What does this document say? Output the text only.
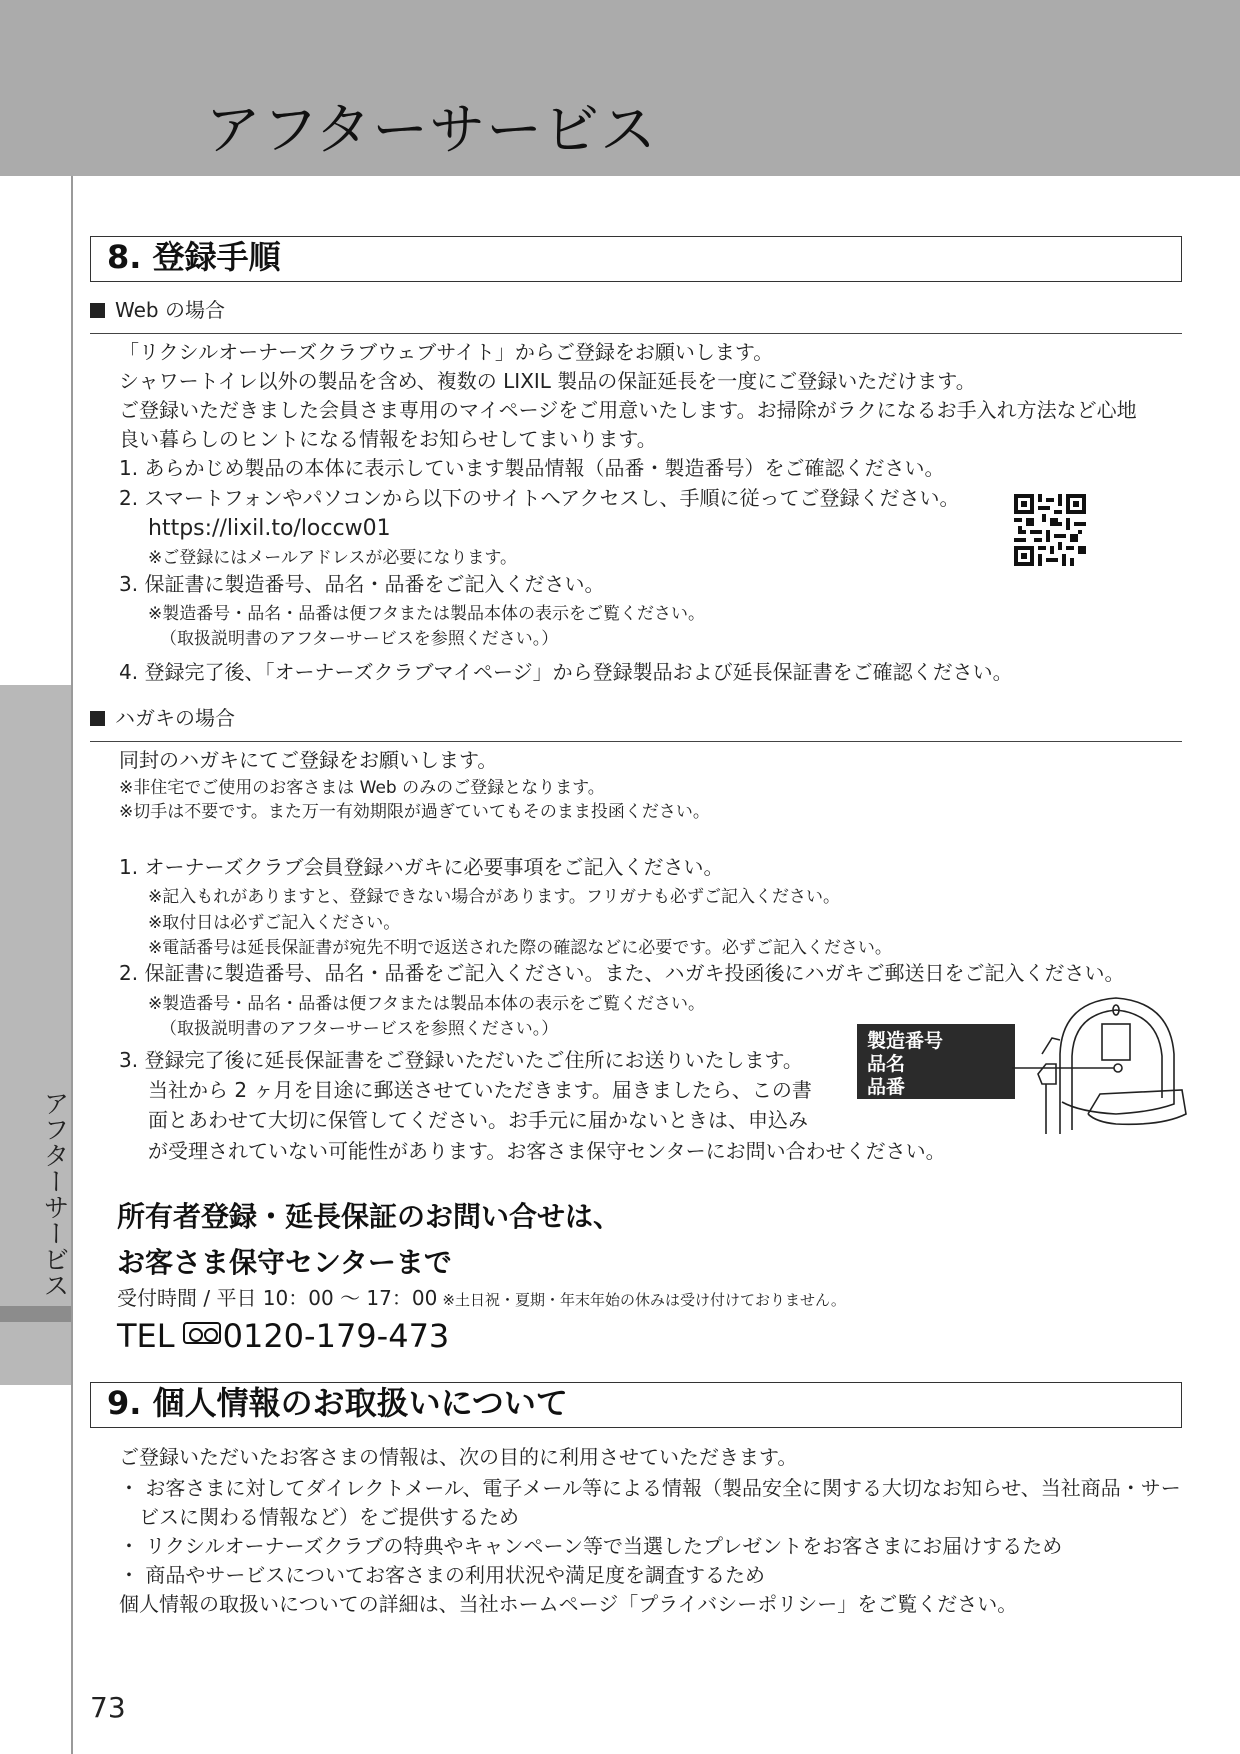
アフターサービス
アフターサービス
8. 登録手順
Web の場合
「リクシルオーナーズクラブウェブサイト」からご登録をお願いします。
シャワートイレ以外の製品を含め、複数の LIXIL 製品の保証延長を一度にご登録いただけます。
ご登録いただきました会員さま専用のマイページをご用意いたします。お掃除がラクになるお手入れ方法など心地
良い暮らしのヒントになる情報をお知らせしてまいります。
1. あらかじめ製品の本体に表示しています製品情報（品番・製造番号）をご確認ください。
2. スマートフォンやパソコンから以下のサイトへアクセスし、手順に従ってご登録ください。
https://lixil.to/loccw01
※ご登録にはメールアドレスが必要になります。
3. 保証書に製造番号、品名・品番をご記入ください。
※製造番号・品名・品番は便フタまたは製品本体の表示をご覧ください。
（取扱説明書のアフターサービスを参照ください。）
4. 登録完了後、「オーナーズクラブマイページ」から登録製品および延長保証書をご確認ください。
ハガキの場合
同封のハガキにてご登録をお願いします。
※非住宅でご使用のお客さまは Web のみのご登録となります。
※切手は不要です。また万一有効期限が過ぎていてもそのまま投函ください。
1. オーナーズクラブ会員登録ハガキに必要事項をご記入ください。
※記入もれがありますと、登録できない場合があります。フリガナも必ずご記入ください。
※取付日は必ずご記入ください。
※電話番号は延長保証書が宛先不明で返送された際の確認などに必要です。必ずご記入ください。
2. 保証書に製造番号、品名・品番をご記入ください。また、ハガキ投函後にハガキご郵送日をご記入ください。
※製造番号・品名・品番は便フタまたは製品本体の表示をご覧ください。
（取扱説明書のアフターサービスを参照ください。）
3. 登録完了後に延長保証書をご登録いただいたご住所にお送りいたします。
当社から 2 ヶ月を目途に郵送させていただきます。届きましたら、この書
面とあわせて大切に保管してください。お手元に届かないときは、申込み
が受理されていない可能性があります。お客さま保守センターにお問い合わせください。
製造番号
品名
品番
所有者登録・延長保証のお問い合せは、
お客さま保守センターまで
受付時間 / 平日 10：00 ～ 17：00 ※土日祝・夏期・年末年始の休みは受け付けておりません。
TEL 0120-179-473
9. 個人情報のお取扱いについて
ご登録いただいたお客さまの情報は、次の目的に利用させていただきます。
・ お客さまに対してダイレクトメール、電子メール等による情報（製品安全に関する大切なお知らせ、当社商品・サー
　ビスに関わる情報など）をご提供するため
・ リクシルオーナーズクラブの特典やキャンペーン等で当選したプレゼントをお客さまにお届けするため
・ 商品やサービスについてお客さまの利用状況や満足度を調査するため
個人情報の取扱いについての詳細は、当社ホームページ「プライバシーポリシー」をご覧ください。
73
